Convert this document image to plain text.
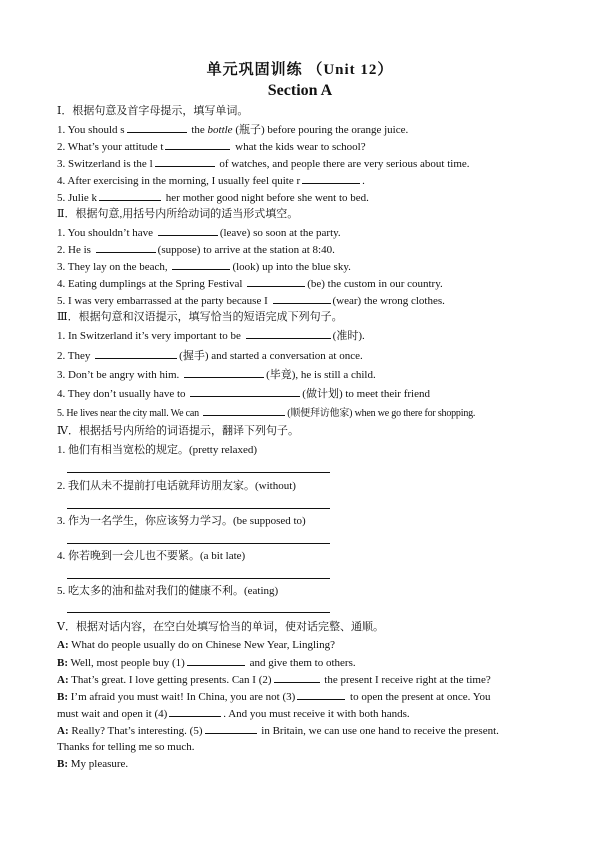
单元巩固训练 （Unit 12）
Section A
Ⅰ．根据句意及首字母提示，填写单词。
1. You should s	the bottle (瓶子) before pouring the orange juice.
2. What’s your attitude t	what the kids wear to school?
3. Switzerland is the l	of watches, and people there are very serious about time.
4. After exercising in the morning, I usually feel quite r	.
5. Julie k	her mother good night before she went to bed.
Ⅱ．根据句意,用括号内所给动词的适当形式填空。
1. You shouldn’t have	(leave) so soon at the party.
2. He is	(suppose) to arrive at the station at 8:40.
3. They lay on the beach,	(look) up into the blue sky.
4. Eating dumplings at the Spring Festival	(be) the custom in our country.
5. I was very embarrassed at the party because I	(wear) the wrong clothes.
Ⅲ．根据句意和汉语提示，填写恰当的短语完成下列句子。
1. In Switzerland it’s very important to be	(准时).
2. They	(握手) and started a conversation at once.
3. Don’t be angry with him.	(毕竟), he is still a child.
4. They don’t usually have to	(做计划) to meet their friend
5. He lives near the city mall. We can	(顺便拜访他家) when we go there for shopping.
Ⅳ．根据括号内所给的词语提示，翻译下列句子。
1. 他们有相当宽松的规定。(pretty relaxed)
2. 我们从未不提前打电话就拜访朋友家。(without)
3. 作为一名学生，你应该努力学习。(be supposed to)
4. 你若晚到一会儿也不要紧。(a bit late)
5. 吃太多的油和盐对我们的健康不利。(eating)
Ⅴ．根据对话内容，在空白处填写恰当的单词，使对话完整、通顺。
A: What do people usually do on Chinese New Year, Lingling?
B: Well, most people buy (1)	and give them to others.
A: That’s great. I love getting presents. Can I (2)	the present I receive right at the time?
B: I’m afraid you must wait! In China, you are not (3)	to open the present at once. You
must wait and open it (4)	. And you must receive it with both hands.
A: Really? That’s interesting. (5)	in Britain, we can use one hand to receive the present.
Thanks for telling me so much.
B: My pleasure.
